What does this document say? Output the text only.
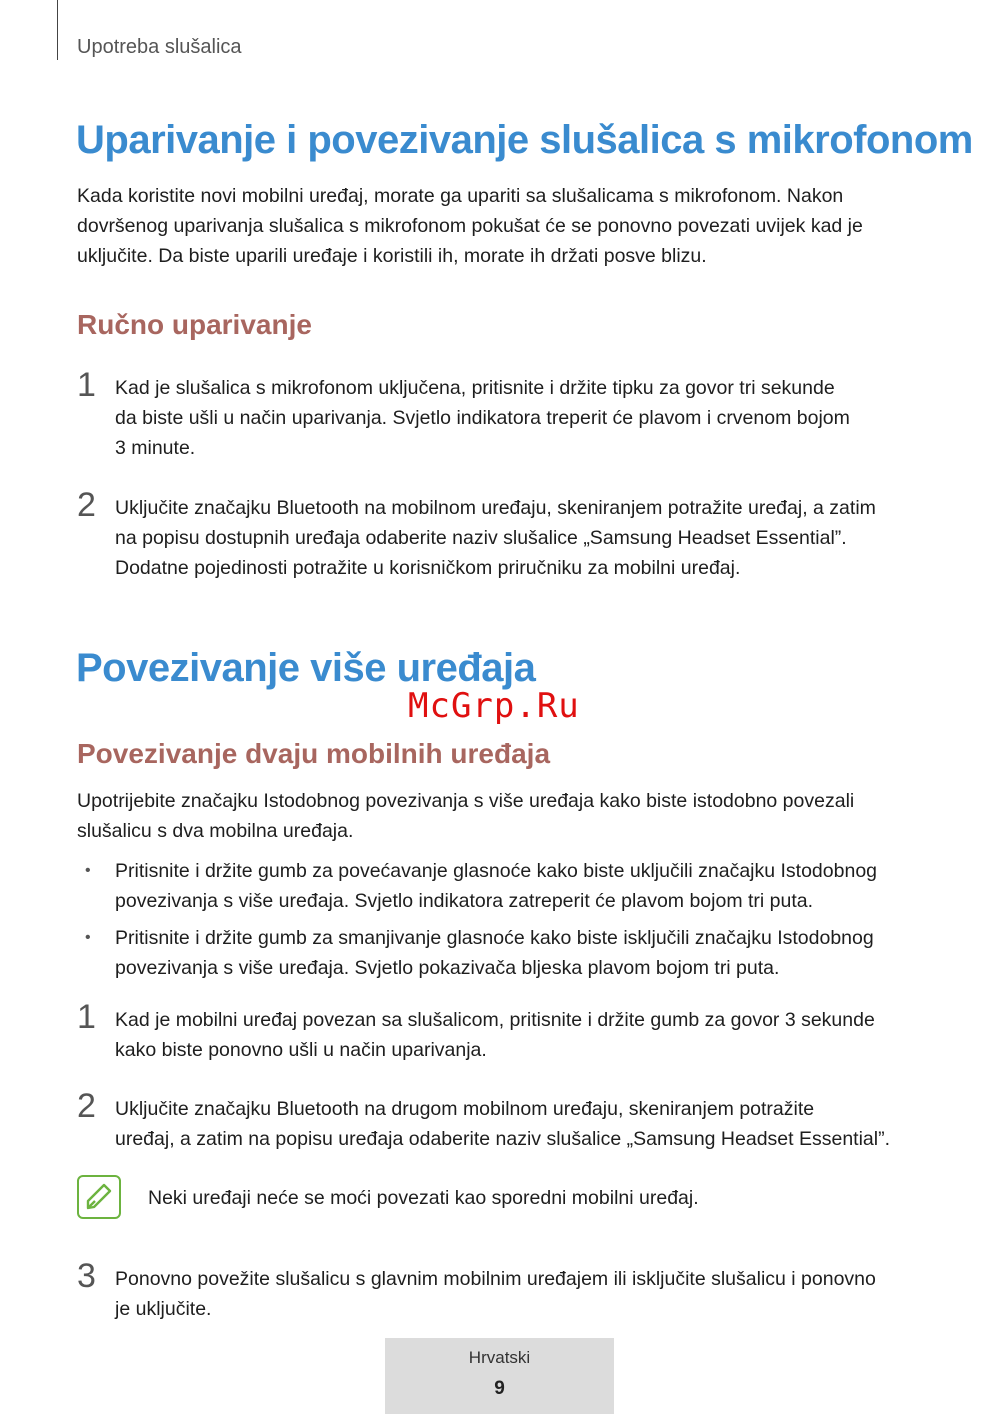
Upotreba slušalica
Uparivanje i povezivanje slušalica s mikrofonom
Kada koristite novi mobilni uređaj, morate ga upariti sa slušalicama s mikrofonom. Nakon
dovršenog uparivanja slušalica s mikrofonom pokušat će se ponovno povezati uvijek kad je
uključite. Da biste uparili uređaje i koristili ih, morate ih držati posve blizu.
Ručno uparivanje
1 Kad je slušalica s mikrofonom uključena, pritisnite i držite tipku za govor tri sekunde
da biste ušli u način uparivanja. Svjetlo indikatora treperit će plavom i crvenom bojom
3 minute.
2 Uključite značajku Bluetooth na mobilnom uređaju, skeniranjem potražite uređaj, a zatim
na popisu dostupnih uređaja odaberite naziv slušalice „Samsung Headset Essential”.
Dodatne pojedinosti potražite u korisničkom priručniku za mobilni uređaj.
Povezivanje više uređaja
McGrp.Ru
Povezivanje dvaju mobilnih uređaja
Upotrijebite značajku Istodobnog povezivanja s više uređaja kako biste istodobno povezali
slušalicu s dva mobilna uređaja.
• Pritisnite i držite gumb za povećavanje glasnoće kako biste uključili značajku Istodobnog
povezivanja s više uređaja. Svjetlo indikatora zatreperit će plavom bojom tri puta.
• Pritisnite i držite gumb za smanjivanje glasnoće kako biste isključili značajku Istodobnog
povezivanja s više uređaja. Svjetlo pokazivača bljeska plavom bojom tri puta.
1 Kad je mobilni uređaj povezan sa slušalicom, pritisnite i držite gumb za govor 3 sekunde
kako biste ponovno ušli u način uparivanja.
2 Uključite značajku Bluetooth na drugom mobilnom uređaju, skeniranjem potražite
uređaj, a zatim na popisu uređaja odaberite naziv slušalice „Samsung Headset Essential”.
Neki uređaji neće se moći povezati kao sporedni mobilni uređaj.
3 Ponovno povežite slušalicu s glavnim mobilnim uređajem ili isključite slušalicu i ponovno
je uključite.
Hrvatski
9
